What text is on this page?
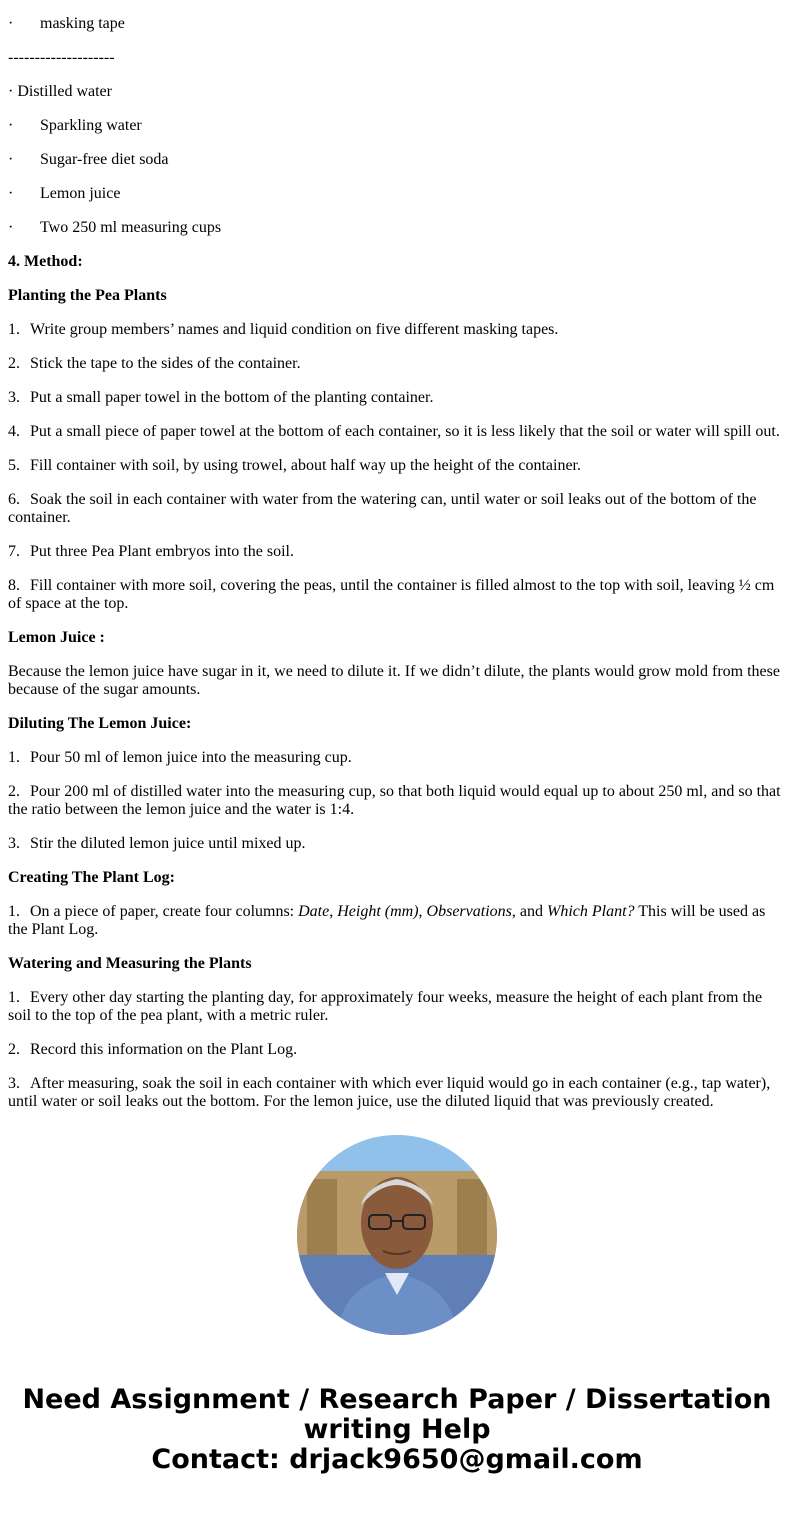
·	masking tape
--------------------
· Distilled water
·	Sparkling water
·	Sugar-free diet soda
·	Lemon juice
·	Two 250 ml measuring cups
4. Method:
Planting the Pea Plants
1. Write group members’ names and liquid condition on five different masking tapes.
2. Stick the tape to the sides of the container.
3. Put a small paper towel in the bottom of the planting container.
4. Put a small piece of paper towel at the bottom of each container, so it is less likely that the soil or water will spill out.
5. Fill container with soil, by using trowel, about half way up the height of the container.
6. Soak the soil in each container with water from the watering can, until water or soil leaks out of the bottom of the container.
7. Put three Pea Plant embryos into the soil.
8. Fill container with more soil, covering the peas, until the container is filled almost to the top with soil, leaving ½ cm of space at the top.
Lemon Juice :
Because the lemon juice have sugar in it, we need to dilute it. If we didn’t dilute, the plants would grow mold from these because of the sugar amounts.
Diluting The Lemon Juice:
1. Pour 50 ml of lemon juice into the measuring cup.
2. Pour 200 ml of distilled water into the measuring cup, so that both liquid would equal up to about 250 ml, and so that the ratio between the lemon juice and the water is 1:4.
3. Stir the diluted lemon juice until mixed up.
Creating The Plant Log:
1. On a piece of paper, create four columns: Date, Height (mm), Observations, and Which Plant? This will be used as the Plant Log.
Watering and Measuring the Plants
1. Every other day starting the planting day, for approximately four weeks, measure the height of each plant from the soil to the top of the pea plant, with a metric ruler.
2. Record this information on the Plant Log.
3. After measuring, soak the soil in each container with which ever liquid would go in each container (e.g., tap water), until water or soil leaks out the bottom. For the lemon juice, use the diluted liquid that was previously created.
Need Assignment / Research Paper / Dissertation writing Help
Contact: drjack9650@gmail.com
